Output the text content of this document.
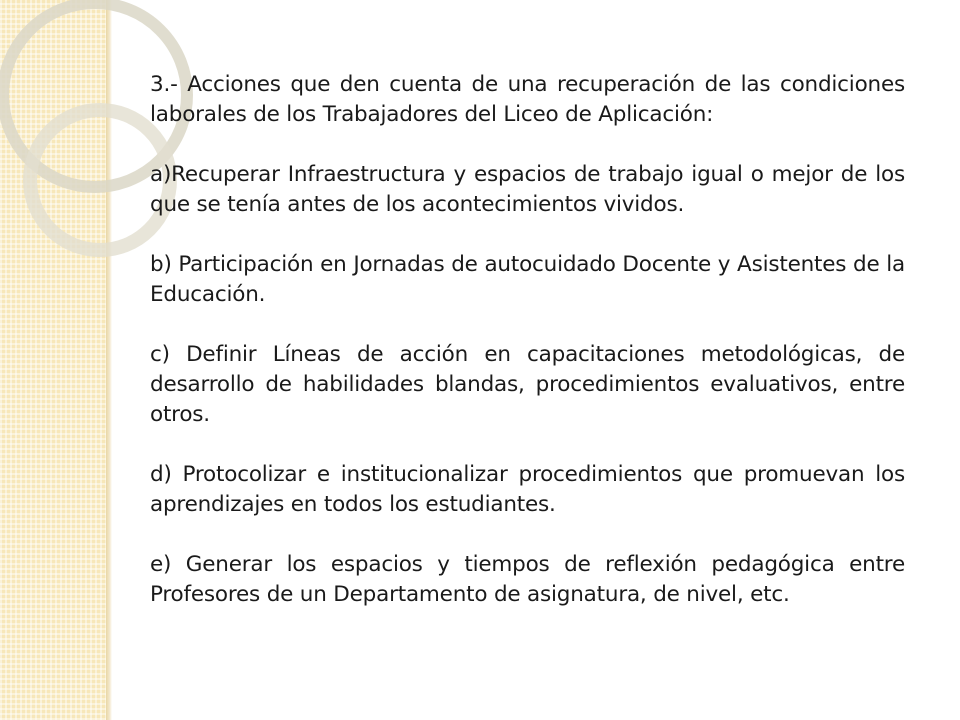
3.- Acciones que den cuenta de una recuperación de las condiciones laborales de los Trabajadores del Liceo de Aplicación:

a)Recuperar Infraestructura y espacios de trabajo igual o mejor de los que se tenía antes de los acontecimientos vividos.

b) Participación en Jornadas de autocuidado Docente y Asistentes de la Educación.

c) Definir Líneas de acción en capacitaciones metodológicas, de desarrollo de habilidades blandas, procedimientos evaluativos, entre otros.

d) Protocolizar e institucionalizar procedimientos que promuevan los aprendizajes en todos los estudiantes.

e) Generar los espacios y tiempos de reflexión pedagógica entre Profesores de un Departamento de asignatura, de nivel, etc.
